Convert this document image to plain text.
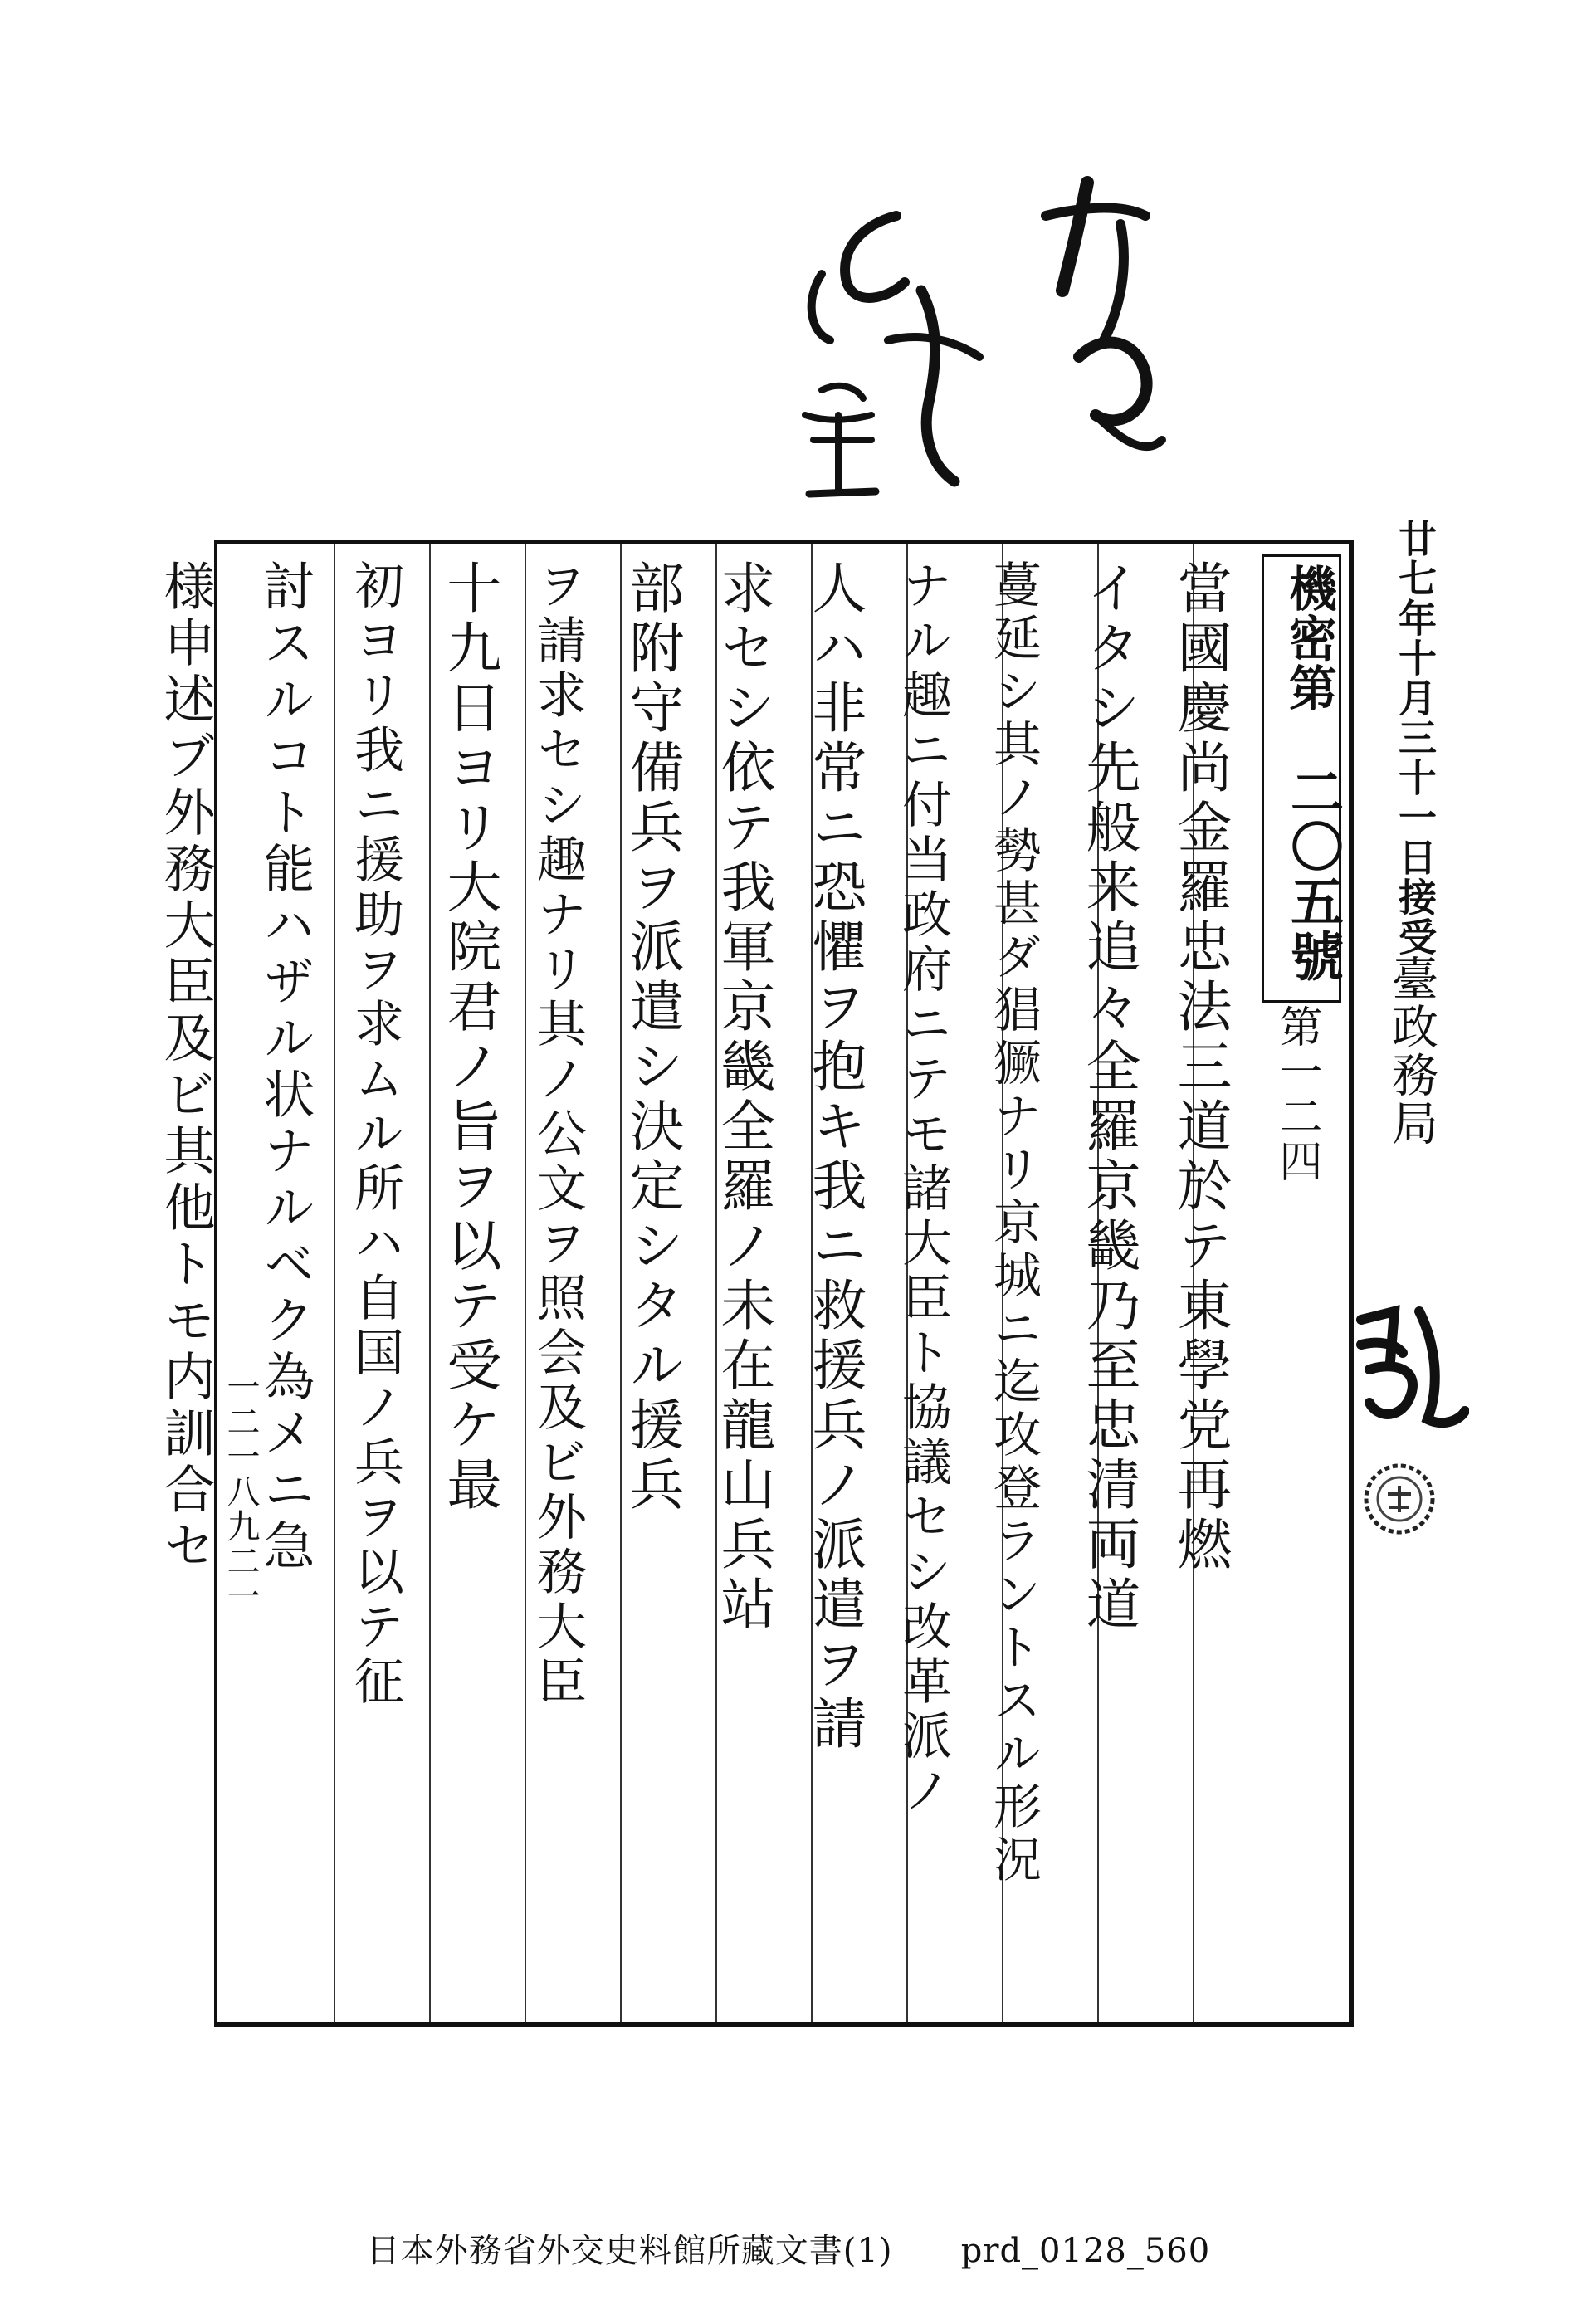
當國慶尚金羅忠法三道於テ東學党再燃
イタシ先般来追々全羅京畿乃至忠清両道
蔓延シ其ノ勢甚ダ猖獗ナリ京城ニ迄攻登ラントスル形況
ナル趣ニ付当政府ニテモ諸大臣ト協議セシ改革派ノ
人ハ非常ニ恐懼ヲ抱キ我ニ救援兵ノ派遣ヲ請
求セシ依テ我軍京畿全羅ノ未在龍山兵站
部附守備兵ヲ派遣シ決定シタル援兵
ヲ請求セシ趣ナリ其ノ公文ヲ照会及ビ外務大臣
十九日ヨリ大院君ノ旨ヲ以テ受ケ最
初ヨリ我ニ援助ヲ求ムル所ハ自国ノ兵ヲ以テ征
討スルコト能ハザル状ナルベク為メニ急
様申述ブ外務大臣及ビ其他トモ内訓合セ	機密第
二〇五號
第一二四
廿七年十月三十一日接受
臺政務局
一二一八九二一
日本外務省外交史料館所藏文書(1)      prd_0128_560
